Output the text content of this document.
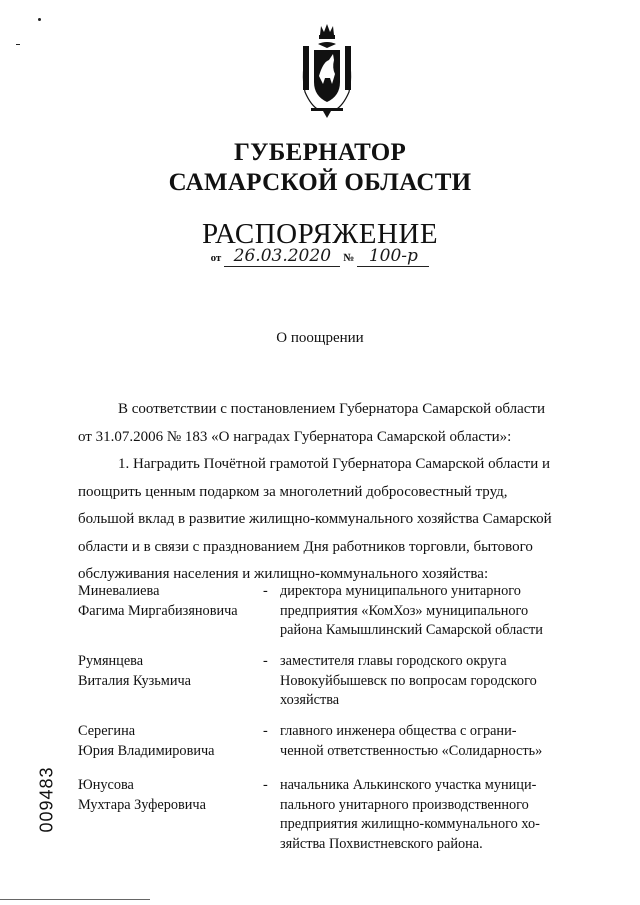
ГУБЕРНАТОР
САМАРСКОЙ ОБЛАСТИ
РАСПОРЯЖЕНИЕ
от 26.03.2020 № 100-р
О поощрении

В соответствии с постановлением Губернатора Самарской области

от 31.07.2006 № 183 «О наградах Губернатора Самарской области»:

1. Наградить Почётной грамотой Губернатора Самарской области и

поощрить ценным подарком за многолетний добросовестный труд,

большой вклад в развитие жилищно-коммунального хозяйства Самарской

области и в связи с празднованием Дня работников торговли, бытового

обслуживания населения и жилищно-коммунального хозяйства:

Миневалиева
Фагима Миргабизяновича
- директора муниципального унитарного
предприятия «КомХоз» муниципального
района Камышлинский Самарской области
Румянцева
Виталия Кузьмича
- заместителя главы городского округа
Новокуйбышевск по вопросам городского
хозяйства
Серегина
Юрия Владимировича
- главного инженера общества с ограни-
ченной ответственностью «Солидарность»
Юнусова
Мухтара Зуферовича
- начальника Алькинского участка муници-
пального унитарного производственного
предприятия жилищно-коммунального хо-
зяйства Похвистневского района.
009483
